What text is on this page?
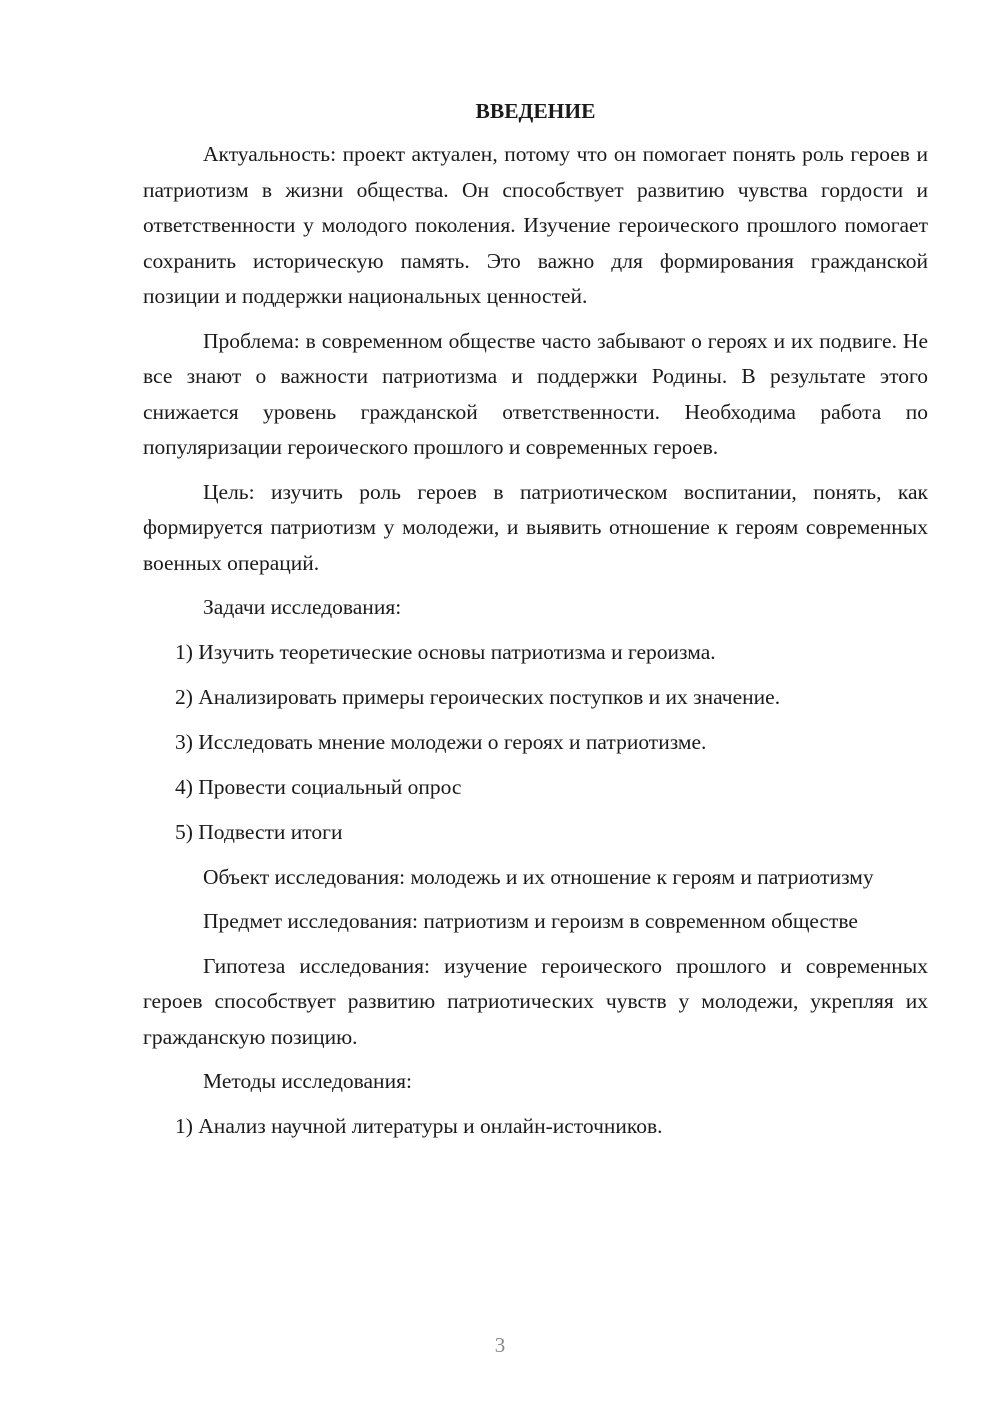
ВВЕДЕНИЕ

Актуальность: проект актуален, потому что он помогает понять роль героев и патриотизм в жизни общества. Он способствует развитию чувства гордости и ответственности у молодого поколения. Изучение героического прошлого помогает сохранить историческую память. Это важно для формирования гражданской позиции и поддержки национальных ценностей.

Проблема: в современном обществе часто забывают о героях и их подвиге. Не все знают о важности патриотизма и поддержки Родины. В результате этого снижается уровень гражданской ответственности. Необходима работа по популяризации героического прошлого и современных героев.

Цель: изучить роль героев в патриотическом воспитании, понять, как формируется патриотизм у молодежи, и выявить отношение к героям современных военных операций.

Задачи исследования:
1) Изучить теоретические основы патриотизма и героизма.
2) Анализировать примеры героических поступков и их значение.
3) Исследовать мнение молодежи о героях и патриотизме.
4) Провести социальный опрос
5) Подвести итоги

Объект исследования: молодежь и их отношение к героям и патриотизму

Предмет исследования: патриотизм и героизм в современном обществе

Гипотеза исследования: изучение героического прошлого и современных героев способствует развитию патриотических чувств у молодежи, укрепляя их гражданскую позицию.

Методы исследования:
1) Анализ научной литературы и онлайн-источников.
3
